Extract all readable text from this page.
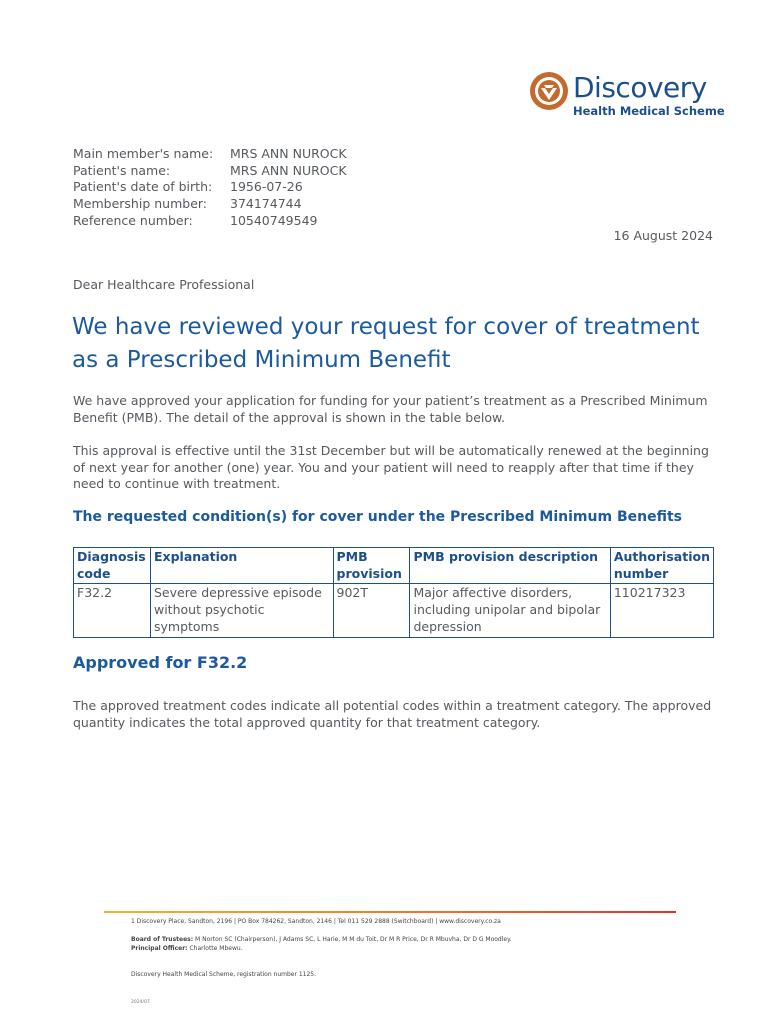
Discovery
Health Medical Scheme
Main member's name:	MRS ANN NUROCK
Patient's name:	MRS ANN NUROCK
Patient's date of birth:	1956-07-26
Membership number:	374174744
Reference number:	10540749549
16 August 2024
Dear Healthcare Professional
We have reviewed your request for cover of treatment as a Prescribed Minimum Benefit

We have approved your application for funding for your patient’s treatment as a Prescribed Minimum Benefit (PMB). The detail of the approval is shown in the table below.

This approval is effective until the 31st December but will be automatically renewed at the beginning of next year for another (one) year. You and your patient will need to reapply after that time if they need to continue with treatment.

The requested condition(s) for cover under the Prescribed Minimum Benefits
Diagnosis code	Explanation	PMB provision	PMB provision description	Authorisation number
F32.2	Severe depressive episode without psychotic symptoms	902T	Major affective disorders, including unipolar and bipolar depression	110217323
Approved for F32.2

The approved treatment codes indicate all potential codes within a treatment category. The approved quantity indicates the total approved quantity for that treatment category.

1 Discovery Place, Sandton, 2196 | PO Box 784262, Sandton, 2146 | Tel 011 529 2888 (Switchboard) | www.discovery.co.za
Board of Trustees: M Norton SC (Chairperson), J Adams SC, L Harie, M M du Toit, Dr M R Price, Dr R Mbuvha, Dr D G Moodley.
Principal Officer: Charlotte Mbewu.
Discovery Health Medical Scheme, registration number 1125.
2024/07
